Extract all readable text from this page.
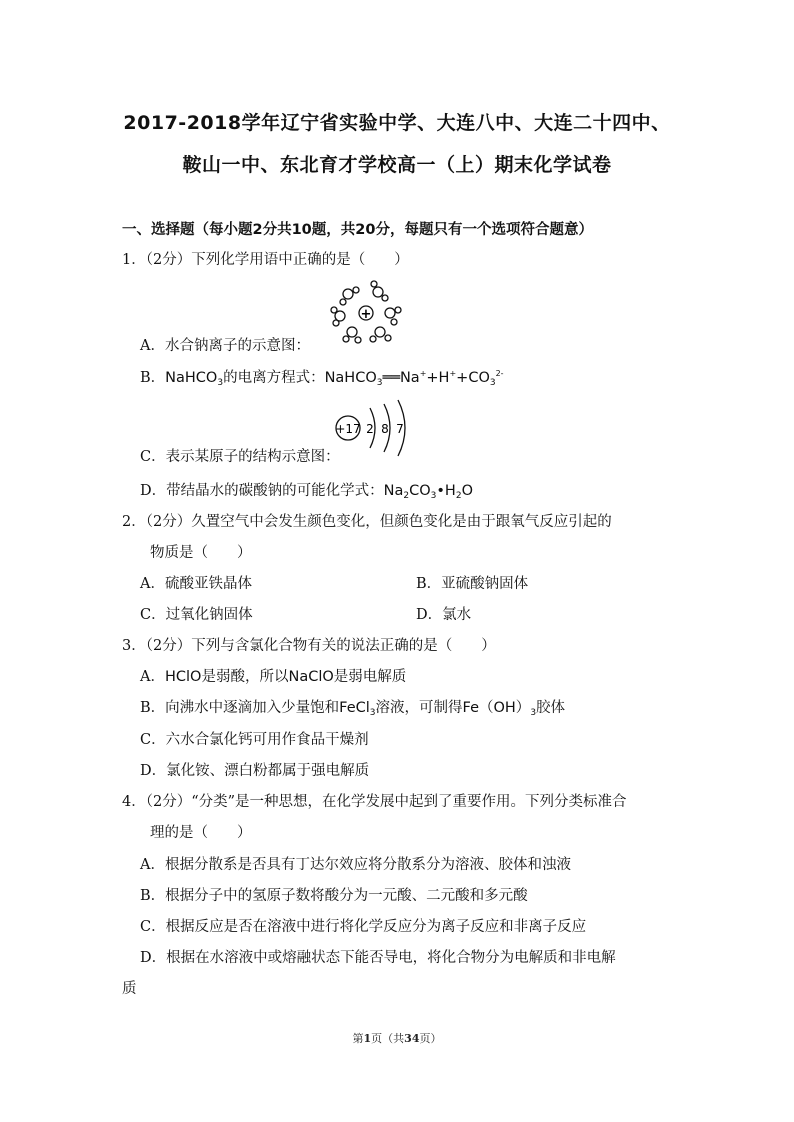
2017-2018学年辽宁省实验中学、大连八中、大连二十四中、
鞍山一中、东北育才学校高一（上）期末化学试卷
一、选择题（每小题2分共10题，共20分，每题只有一个选项符合题意）
1．（2分）下列化学用语中正确的是（　　）
+
A．水合钠离子的示意图：
B．NaHCO$_3$的电离方程式：$NaHCO_3══Na^++H^++CO_3^{2-}$
+17 2 8 7
C．表示某原子的结构示意图：
D．带结晶水的碳酸钠的可能化学式：$Na_2CO_3•H_2O$
2．（2分）久置空气中会发生颜色变化，但颜色变化是由于跟氧气反应引起的
物质是（　　）
A．硫酸亚铁晶体	B．亚硫酸钠固体
C．过氧化钠固体	D．氯水
3．（2分）下列与含氯化合物有关的说法正确的是（　　）
A．HClO是弱酸，所以NaClO是弱电解质
B．向沸水中逐滴加入少量饱和FeCl$_3$溶液，可制得$Fe(OH)_3$胶体
C．六水合氯化钙可用作食品干燥剂
D．氯化铵、漂白粉都属于强电解质
4．（2分）“分类”是一种思想，在化学发展中起到了重要作用。下列分类标准合
理的是（　　）
A．根据分散系是否具有丁达尔效应将分散系分为溶液、胶体和浊液
B．根据分子中的氢原子数将酸分为一元酸、二元酸和多元酸
C．根据反应是否在溶液中进行将化学反应分为离子反应和非离子反应
D．根据在水溶液中或熔融状态下能否导电，将化合物分为电解质和非电解
质
第1页（共34页）
